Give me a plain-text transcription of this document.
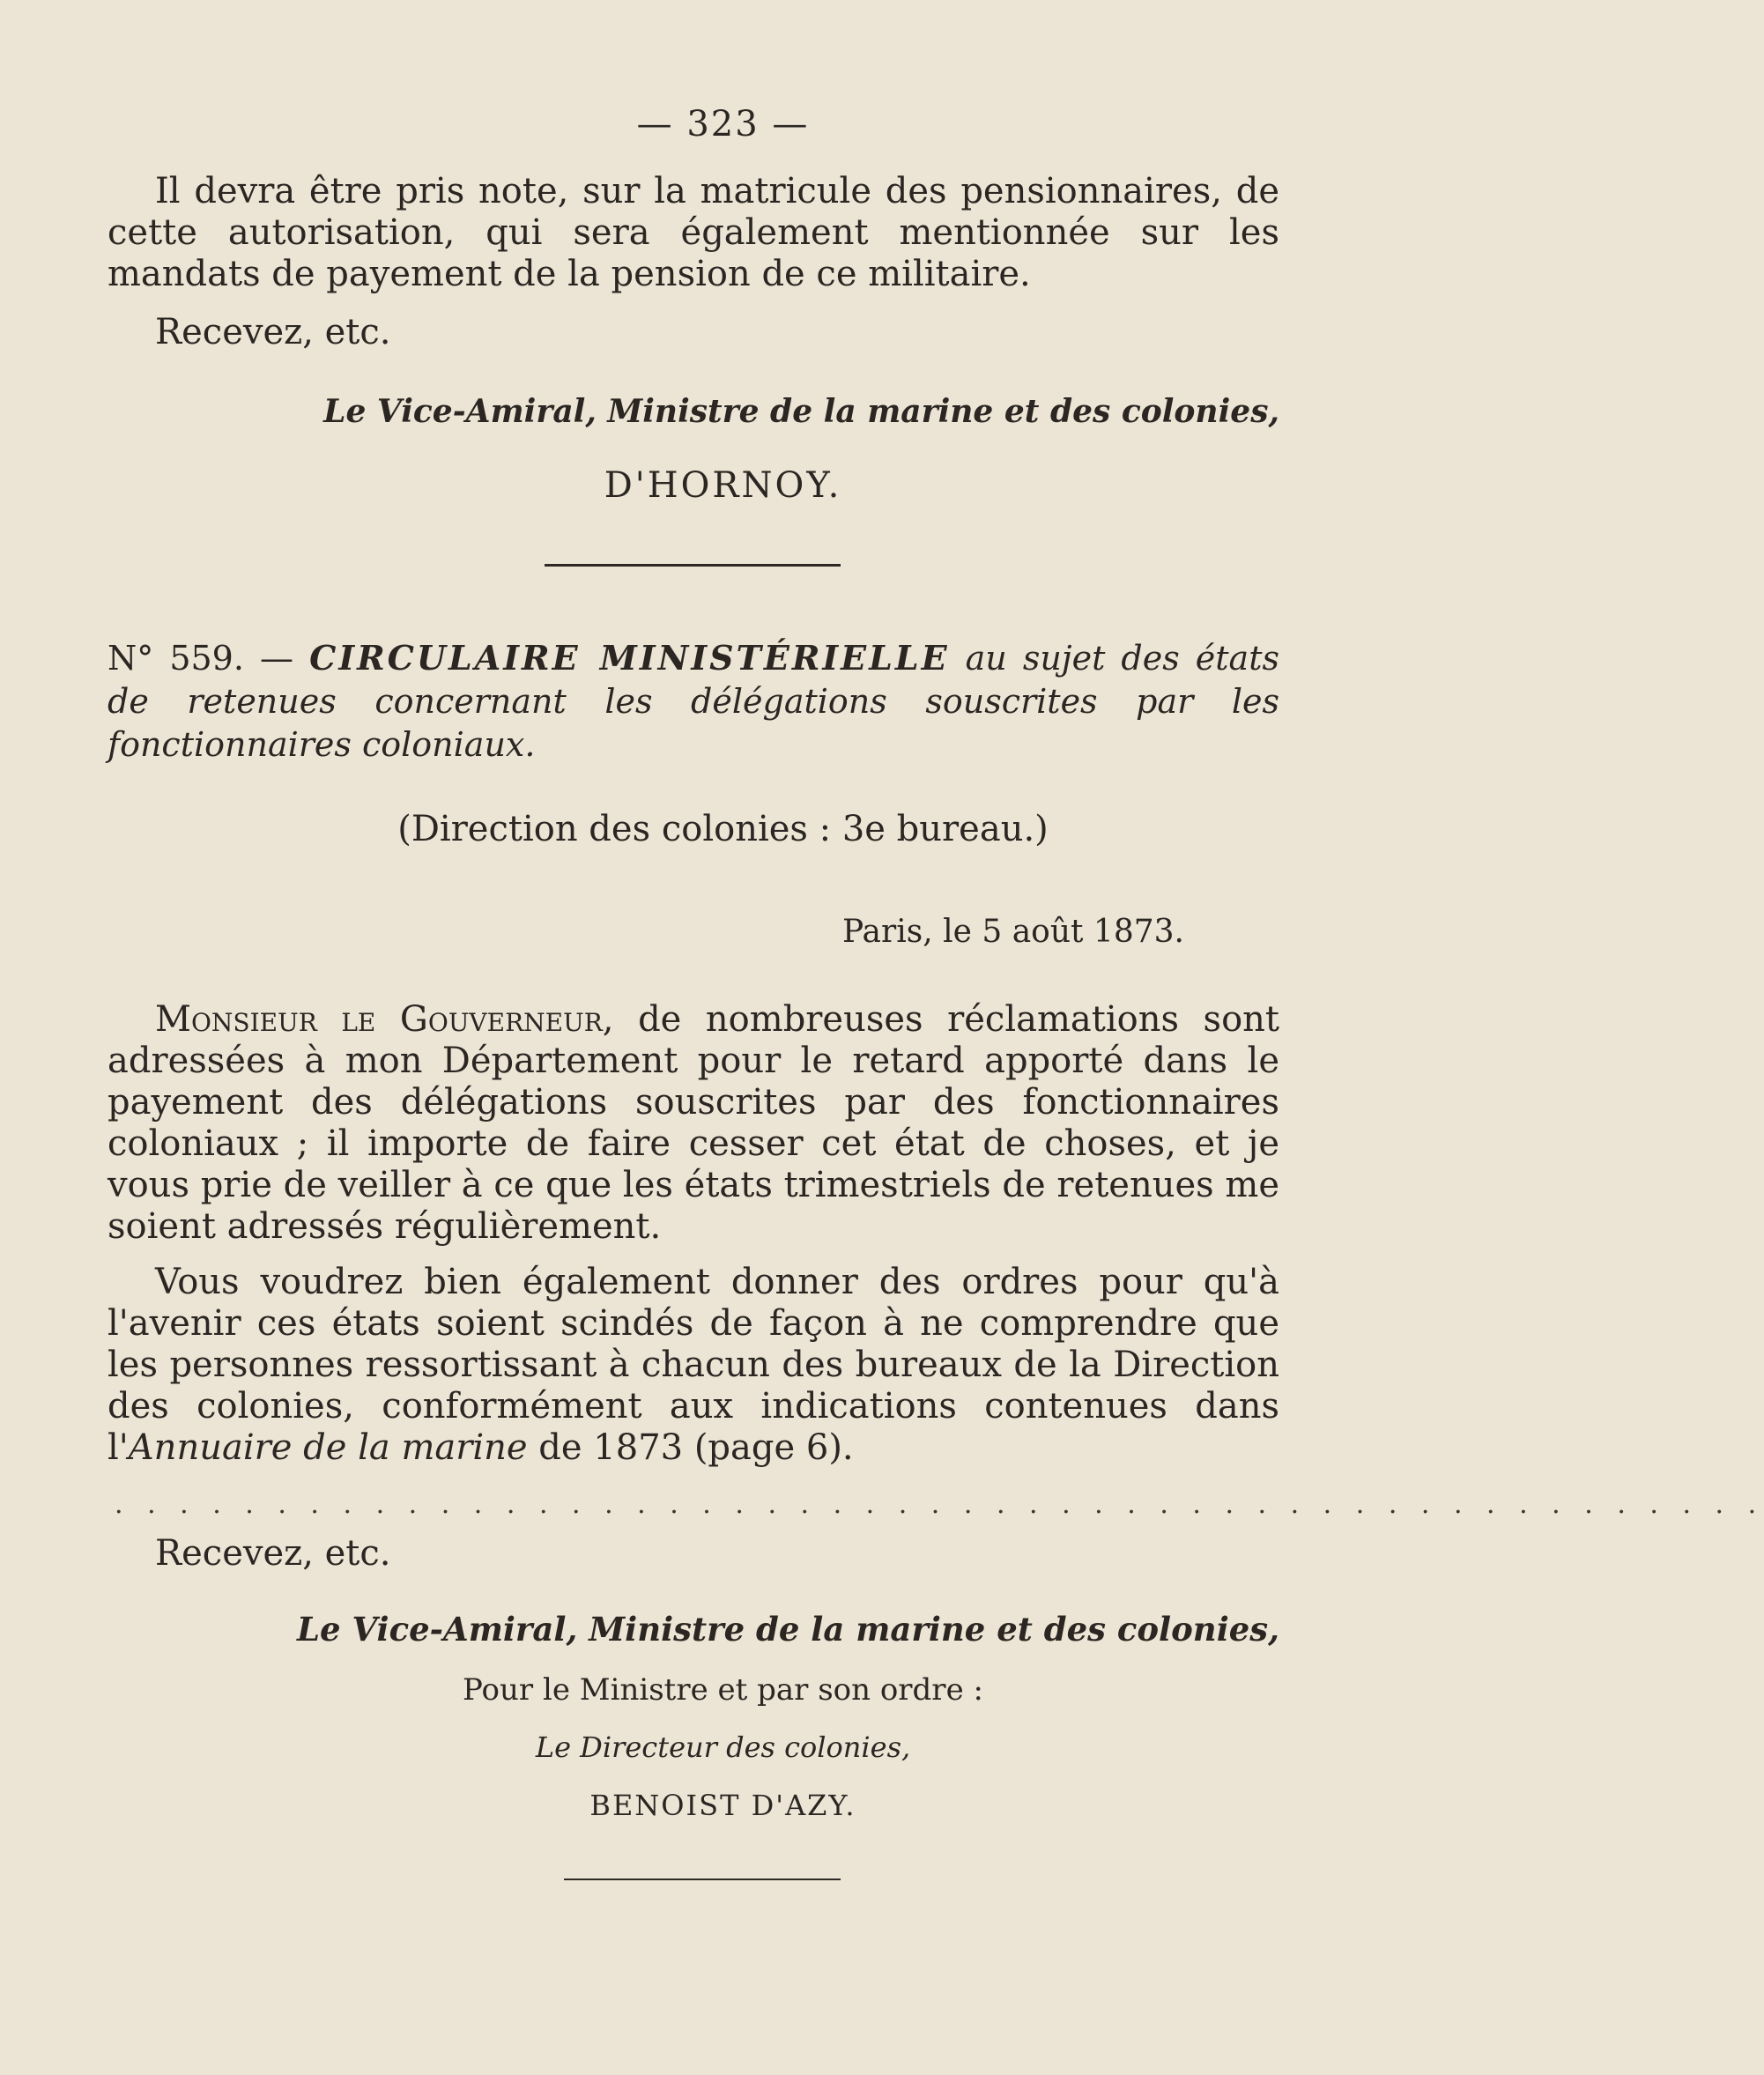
— 323 —

Il devra être pris note, sur la matricule des pensionnaires, de cette autorisation, qui sera également mentionnée sur les mandats de payement de la pension de ce militaire.

Recevez, etc.

Le Vice-Amiral, Ministre de la marine et des colonies,
D'HORNOY.
N° 559. — CIRCULAIRE MINISTÉRIELLE au sujet des états de retenues concernant les délégations souscrites par les fonctionnaires coloniaux.
(Direction des colonies : 3e bureau.)
Paris, le 5 août 1873.

Monsieur le Gouverneur, de nombreuses réclamations sont adressées à mon Département pour le retard apporté dans le payement des délégations souscrites par des fonctionnaires coloniaux ; il importe de faire cesser cet état de choses, et je vous prie de veiller à ce que les états trimestriels de retenues me soient adressés régulièrement.

Vous voudrez bien également donner des ordres pour qu'à l'avenir ces états soient scindés de façon à ne comprendre que les personnes ressortissant à chacun des bureaux de la Direction des colonies, conformément aux indications contenues dans l'Annuaire de la marine de 1873 (page 6).

. . . . . . . . . . . . . . . . . . . . . . . . . . . . . . . . . . . . . . . . . . . . . . . . . . .

Recevez, etc.

Le Vice-Amiral, Ministre de la marine et des colonies,
Pour le Ministre et par son ordre :
Le Directeur des colonies,
BENOIST D'AZY.
